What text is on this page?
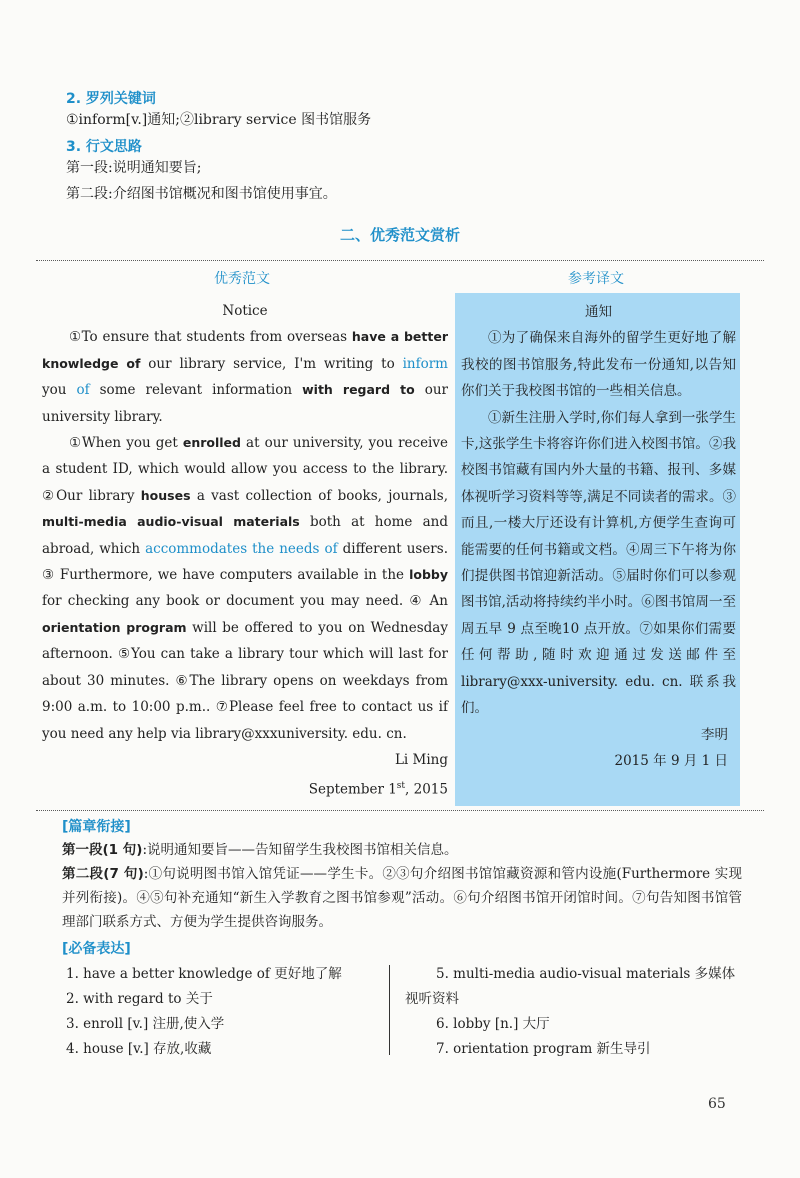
2. 罗列关键词
①inform[v.]通知;②library service 图书馆服务
3. 行文思路
第一段:说明通知要旨;
第二段:介绍图书馆概况和图书馆使用事宜。
二、优秀范文赏析
优秀范文	参考译文
Notice

①To ensure that students from overseas have a better knowledge of our library service, I'm writing to inform you of some relevant information with regard to our university library.

①When you get enrolled at our university, you receive a student ID, which would allow you access to the library. ②Our library houses a vast collection of books, journals, multi-media audio-visual materials both at home and abroad, which accommodates the needs of different users. ③ Furthermore, we have computers available in the lobby for checking any book or document you may need. ④ An orientation program will be offered to you on Wednesday afternoon. ⑤You can take a library tour which will last for about 30 minutes. ⑥The library opens on weekdays from 9:00 a.m. to 10:00 p.m.. ⑦Please feel free to contact us if you need any help via library@xxxuniversity. edu. cn.

Li Ming
September 1st, 2015
通知

①为了确保来自海外的留学生更好地了解我校的图书馆服务,特此发布一份通知,以告知你们关于我校图书馆的一些相关信息。

①新生注册入学时,你们每人拿到一张学生卡,这张学生卡将容许你们进入校图书馆。②我校图书馆藏有国内外大量的书籍、报刊、多媒体视听学习资料等等,满足不同读者的需求。③而且,一楼大厅还设有计算机,方便学生查询可能需要的任何书籍或文档。④周三下午将为你们提供图书馆迎新活动。⑤届时你们可以参观图书馆,活动将持续约半小时。⑥图书馆周一至周五早 9 点至晚10 点开放。⑦如果你们需要任何帮助,随时欢迎通过发送邮件至 library@xxx-university. edu. cn. 联系我们。

李明
2015 年 9 月 1 日
[篇章衔接]
第一段(1 句):说明通知要旨——告知留学生我校图书馆相关信息。
第二段(7 句):①句说明图书馆入馆凭证——学生卡。②③句介绍图书馆馆藏资源和管内设施(Furthermore 实现并列衔接)。④⑤句补充通知“新生入学教育之图书馆参观”活动。⑥句介绍图书馆开闭馆时间。⑦句告知图书馆管理部门联系方式、方便为学生提供咨询服务。
[必备表达]
1. have a better knowledge of 更好地了解
2. with regard to 关于
3. enroll [v.] 注册,使入学
4. house [v.] 存放,收藏
5. multi-media audio-visual materials 多媒体
视听资料
6. lobby [n.] 大厅
7. orientation program 新生导引
65
